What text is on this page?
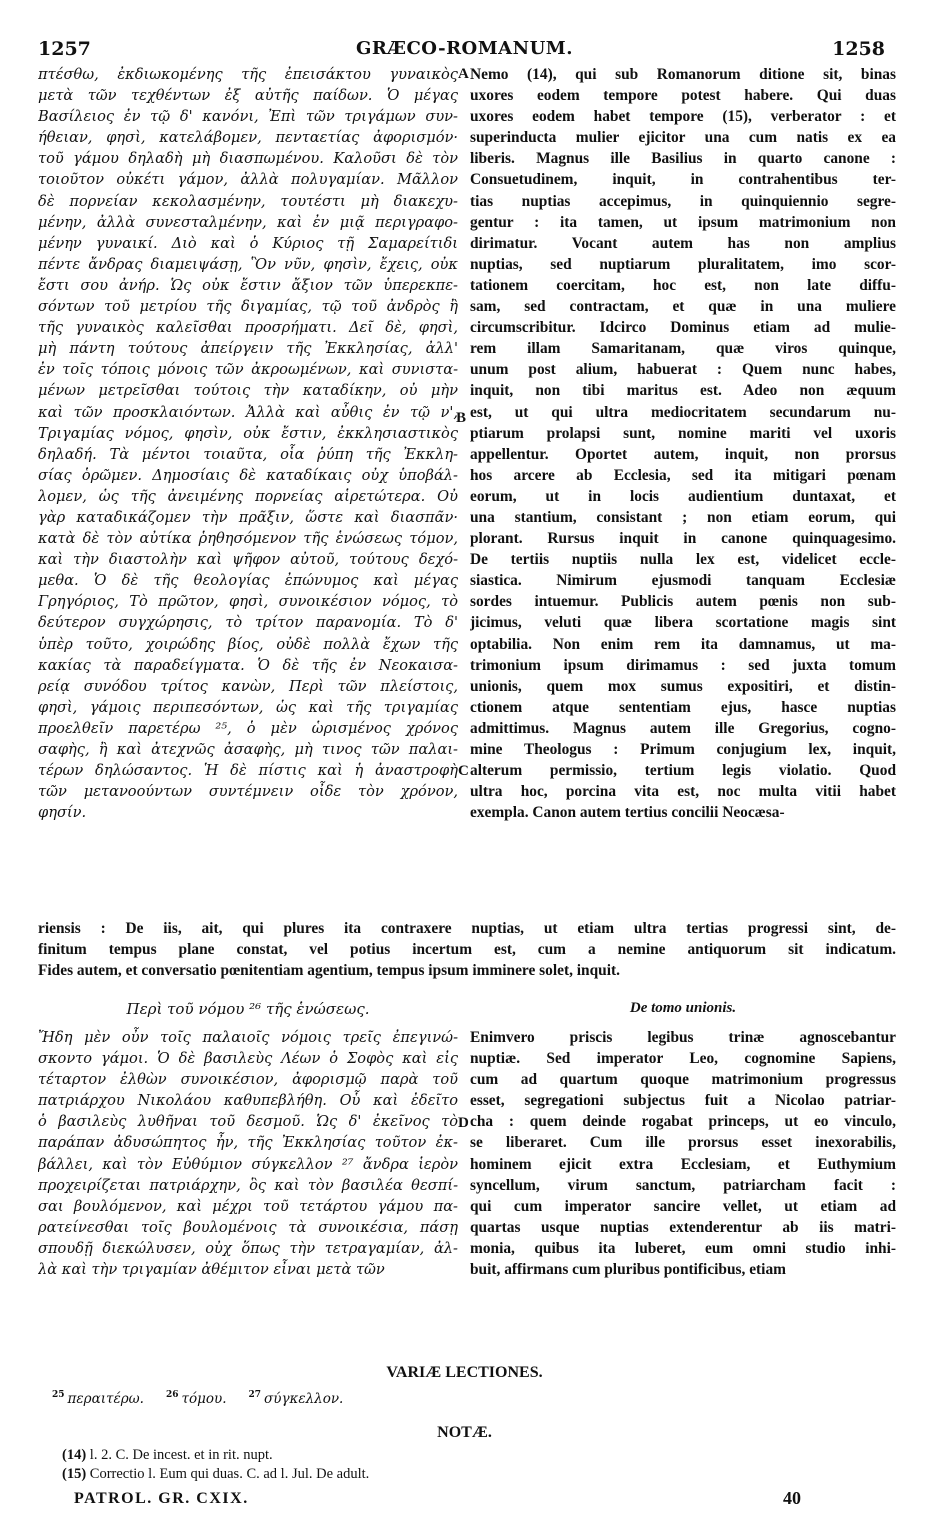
1257	GRÆCO-ROMANUM.	1258
πτέσθω, ἐκδιωκομένης τῆς ἐπεισάκτου γυναικὸς
μετὰ τῶν τεχθέντων ἐξ αὐτῆς παίδων. Ὁ μέγας
Βασίλειος ἐν τῷ δ' κανόνι, Ἐπὶ τῶν τριγάμων συν-
ήθειαν, φησὶ, κατελάβομεν, πενταετίας ἀφορισμόν·
τοῦ γάμου δηλαδὴ μὴ διασπωμένου. Καλοῦσι δὲ τὸν
τοιοῦτον οὐκέτι γάμον, ἀλλὰ πολυγαμίαν. Μᾶλλον
δὲ πορνείαν κεκολασμένην, τουτέστι μὴ διακεχυ-
μένην, ἀλλὰ συνεσταλμένην, καὶ ἐν μιᾷ περιγραφο-
μένην γυναικί. Διὸ καὶ ὁ Κύριος τῇ Σαμαρείτιδι
πέντε ἄνδρας διαμειψάσῃ, Ὃν νῦν, φησὶν, ἔχεις, οὐκ
ἔστι σου ἀνήρ. Ὡς οὐκ ἔστιν ἄξιον τῶν ὑπερεκπε-
σόντων τοῦ μετρίου τῆς διγαμίας, τῷ τοῦ ἀνδρὸς ἢ
τῆς γυναικὸς καλεῖσθαι προσρήματι. Δεῖ δὲ, φησὶ,
μὴ πάντη τούτους ἀπείργειν τῆς Ἐκκλησίας, ἀλλ'
ἐν τοῖς τόποις μόνοις τῶν ἀκροωμένων, καὶ συνιστα-
μένων μετρεῖσθαι τούτοις τὴν καταδίκην, οὐ μὴν
καὶ τῶν προσκλαιόντων. Ἀλλὰ καὶ αὖθις ἐν τῷ ν',
Τριγαμίας νόμος, φησὶν, οὐκ ἔστιν, ἐκκλησιαστικὸς
δηλαδή. Τὰ μέντοι τοιαῦτα, οἷα ῥύπη τῆς Ἐκκλη-
σίας ὁρῶμεν. Δημοσίαις δὲ καταδίκαις οὐχ ὑποβάλ-
λομεν, ὡς τῆς ἀνειμένης πορνείας αἱρετώτερα. Οὐ
γὰρ καταδικάζομεν τὴν πρᾶξιν, ὥστε καὶ διασπᾶν·
κατὰ δὲ τὸν αὐτίκα ῥηθησόμενον τῆς ἑνώσεως τόμον,
καὶ τὴν διαστολὴν καὶ ψῆφον αὐτοῦ, τούτους δεχό-
μεθα. Ὁ δὲ τῆς θεολογίας ἐπώνυμος καὶ μέγας
Γρηγόριος, Τὸ πρῶτον, φησὶ, συνοικέσιον νόμος, τὸ
δεύτερον συγχώρησις, τὸ τρίτον παρανομία. Τὸ δ'
ὑπὲρ τοῦτο, χοιρώδης βίος, οὐδὲ πολλὰ ἔχων τῆς
κακίας τὰ παραδείγματα. Ὁ δὲ τῆς ἐν Νεοκαισα-
ρείᾳ συνόδου τρίτος κανὼν, Περὶ τῶν πλείστοις,
φησὶ, γάμοις περιπεσόντων, ὡς καὶ τῆς τριγαμίας
προελθεῖν παρετέρω ²⁵, ὁ μὲν ὡρισμένος χρόνος
σαφὴς, ἢ καὶ ἀτεχνῶς ἀσαφὴς, μὴ τινος τῶν παλαι-
τέρων δηλώσαντος. Ἡ δὲ πίστις καὶ ἡ ἀναστροφὴ
τῶν μετανοούντων συντέμνειν οἶδε τὸν χρόνον,
φησίν.
Nemo (14), qui sub Romanorum ditione sit, binas
uxores eodem tempore potest habere. Qui duas
uxores eodem habet tempore (15), verberator : et
superinducta mulier ejicitor una cum natis ex ea
liberis. Magnus ille Basilius in quarto canone :
Consuetudinem, inquit, in contrahentibus ter-
tias nuptias accepimus, in quinquiennio segre-
gentur : ita tamen, ut ipsum matrimonium non
dirimatur. Vocant autem has non amplius
nuptias, sed nuptiarum pluralitatem, imo scor-
tationem coercitam, hoc est, non late diffu-
sam, sed contractam, et quæ in una muliere
circumscribitur. Idcirco Dominus etiam ad mulie-
rem illam Samaritanam, quæ viros quinque,
unum post alium, habuerat : Quem nunc habes,
inquit, non tibi maritus est. Adeo non æquum
est, ut qui ultra mediocritatem secundarum nu-
ptiarum prolapsi sunt, nomine mariti vel uxoris
appellentur. Oportet autem, inquit, non prorsus
hos arcere ab Ecclesia, sed ita mitigari pœnam
eorum, ut in locis audientium duntaxat, et
una stantium, consistant ; non etiam eorum, qui
plorant. Rursus inquit in canone quinquagesimo.
De tertiis nuptiis nulla lex est, videlicet eccle-
siastica. Nimirum ejusmodi tanquam Ecclesiæ
sordes intuemur. Publicis autem pœnis non sub-
jicimus, veluti quæ libera scortatione magis sint
optabilia. Non enim rem ita damnamus, ut ma-
trimonium ipsum dirimamus : sed juxta tomum
unionis, quem mox sumus expositiri, et distin-
ctionem atque sententiam ejus, hasce nuptias
admittimus. Magnus autem ille Gregorius, cogno-
mine Theologus : Primum conjugium lex, inquit,
alterum permissio, tertium legis violatio. Quod
ultra hoc, porcina vita est, noc multa vitii habet
exempla. Canon autem tertius concilii Neocæsa-
A
B
C
D
riensis : De iis, ait, qui plures ita contraxere nuptias, ut etiam ultra tertias progressi sint, de-
finitum tempus plane constat, vel potius incertum est, cum a nemine antiquorum sit indicatum.
Fides autem, et conversatio pœnitentiam agentium, tempus ipsum imminere solet, inquit.
Περὶ τοῦ νόμου ²⁶ τῆς ἑνώσεως.	De tomo unionis.
Ἤδη μὲν οὖν τοῖς παλαιοῖς νόμοις τρεῖς ἐπεγινώ-
σκοντο γάμοι. Ὁ δὲ βασιλεὺς Λέων ὁ Σοφὸς καὶ εἰς
τέταρτον ἐλθὼν συνοικέσιον, ἀφορισμῷ παρὰ τοῦ
πατριάρχου Νικολάου καθυπεβλήθη. Οὗ καὶ ἐδεῖτο
ὁ βασιλεὺς λυθῆναι τοῦ δεσμοῦ. Ὡς δ' ἐκεῖνος τὸ
παράπαν ἀδυσώπητος ἦν, τῆς Ἐκκλησίας τοῦτον ἐκ-
βάλλει, καὶ τὸν Εὐθύμιον σύγκελλον ²⁷ ἄνδρα ἱερὸν
προχειρίζεται πατριάρχην, ὃς καὶ τὸν βασιλέα θεσπί-
σαι βουλόμενον, καὶ μέχρι τοῦ τετάρτου γάμου πα-
ρατείνεσθαι τοῖς βουλομένοις τὰ συνοικέσια, πάσῃ
σπουδῇ διεκώλυσεν, οὐχ ὅπως τὴν τετραγαμίαν, ἀλ-
λὰ καὶ τὴν τριγαμίαν ἀθέμιτον εἶναι μετὰ τῶν
Enimvero priscis legibus trinæ agnoscebantur
nuptiæ. Sed imperator Leo, cognomine Sapiens,
cum ad quartum quoque matrimonium progressus
esset, segregationi subjectus fuit a Nicolao patriar-
cha : quem deinde rogabat princeps, ut eo vinculo,
se liberaret. Cum ille prorsus esset inexorabilis,
hominem ejicit extra Ecclesiam, et Euthymium
syncellum, virum sanctum, patriarcham facit :
qui cum imperator sancire vellet, ut etiam ad
quartas usque nuptias extenderentur ab iis matri-
monia, quibus ita luberet, eum omni studio inhi-
buit, affirmans cum pluribus pontificibus, etiam
VARIÆ LECTIONES.
$^{25}$ περαιτέρω. $^{26}$ τόμου. $^{27}$ σύγκελλον.
NOTÆ.
(14) l. 2. C. De incest. et in rit. nupt.
(15) Correctio l. Eum qui duas. C. ad l. Jul. De adult.
PATROL. GR. CXIX.	40
